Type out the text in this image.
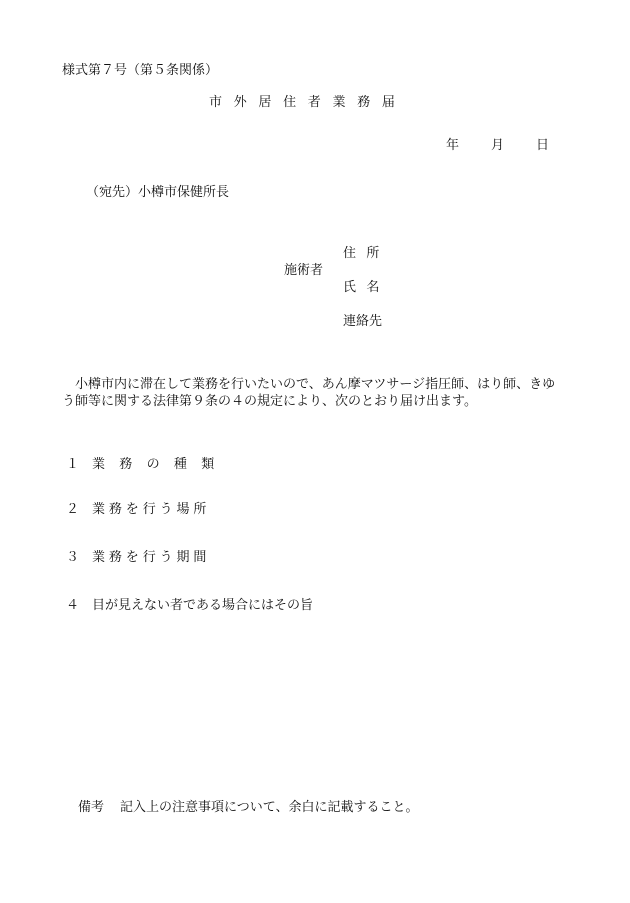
様式第７号（第５条関係）
市外居住者業務届
年 月 日
（宛先）小樽市保健所長
施術者
住所
氏名
連絡先
小樽市内に滞在して業務を行いたいので、あん摩マツサージ指圧師、はり師、きゆう師等に関する法律第９条の４の規定により、次のとおり届け出ます。
１ 業務の種類
２ 業務を行う場所
３ 業務を行う期間
４ 目が見えない者である場合にはその旨
備考 記入上の注意事項について、余白に記載すること。
